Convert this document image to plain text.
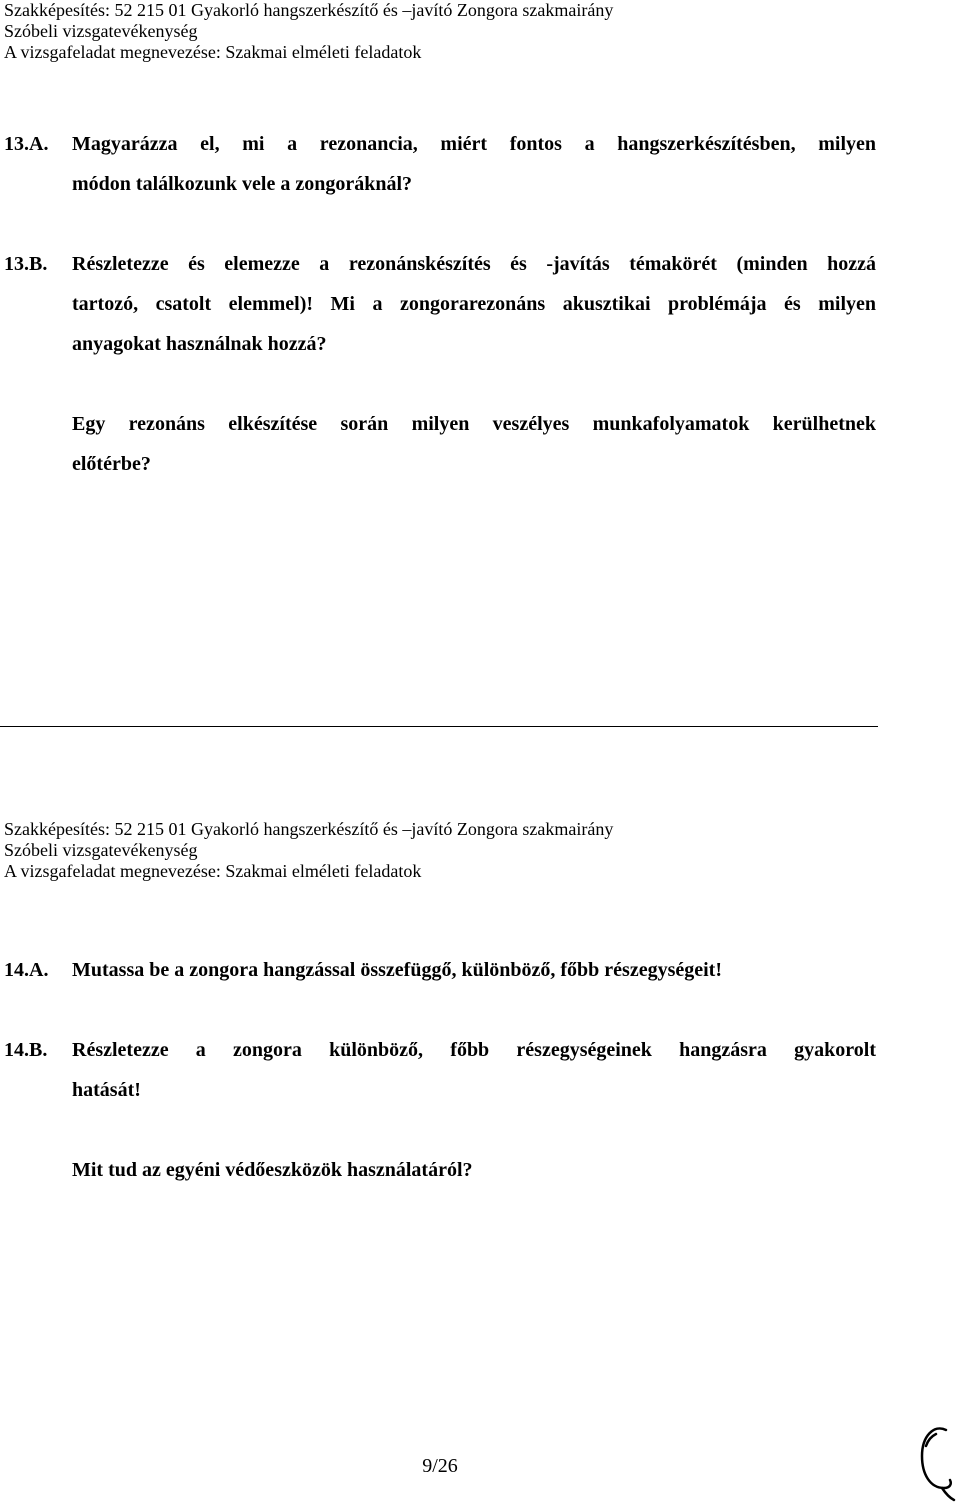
Szakképesítés: 52 215 01 Gyakorló hangszerkészítő és –javító Zongora szakmairány
Szóbeli vizsgatevékenység
A vizsgafeladat megnevezése: Szakmai elméleti feladatok
13.A. Magyarázza el, mi a rezonancia, miért fontos a hangszerkészítésben, milyen
módon találkozunk vele a zongoráknál?
13.B. Részletezze és elemezze a rezonánskészítés és -javítás témakörét (minden hozzá
tartozó, csatolt elemmel)! Mi a zongorarezonáns akusztikai problémája és milyen
anyagokat használnak hozzá?
Egy rezonáns elkészítése során milyen veszélyes munkafolyamatok kerülhetnek
előtérbe?
Szakképesítés: 52 215 01 Gyakorló hangszerkészítő és –javító Zongora szakmairány
Szóbeli vizsgatevékenység
A vizsgafeladat megnevezése: Szakmai elméleti feladatok
14.A. Mutassa be a zongora hangzással összefüggő, különböző, főbb részegységeit!
14.B. Részletezze a zongora különböző, főbb részegységeinek hangzásra gyakorolt
hatását!
Mit tud az egyéni védőeszközök használatáról?
9/26
